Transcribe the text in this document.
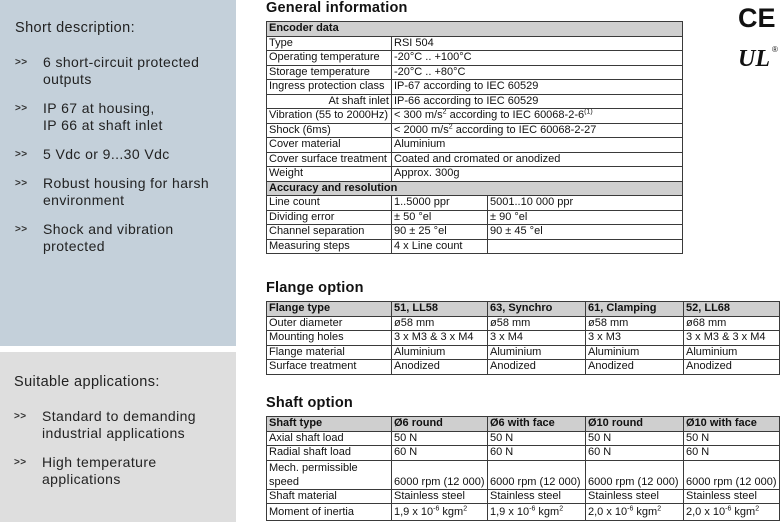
Short description:
>>	6 short-circuit protected
outputs
>>	IP 67 at housing,
IP 66 at shaft inlet
>>	5 Vdc or 9...30 Vdc
>>	Robust housing for harsh
environment
>>	Shock and vibration
protected
Suitable applications:
>>	Standard to demanding
industrial applications
>>	High temperature
applications
CE
UL ®
General information
Encoder data		
Type	RSI 504	
Operating temperature	-20°C .. +100°C	
Storage temperature	-20°C .. +80°C	
Ingress protection class	IP-67 according to IEC 60529	
At shaft inlet	IP-66 according to IEC 60529	
Vibration (55 to 2000Hz)	< 300 $m/s^2$ according to IEC 60068-2-6$^{(1)}$
Shock (6ms)	< 2000 $m/s^2$ according to IEC 60068-2-27	
Cover material	Aluminium	
Cover surface treatment	Coated and cromated or anodized	
Weight	Approx. 300g	
Accuracy and resolution		
Line count	1..5000 ppr	5001..10 000 ppr
Dividing error	± 50 °el	± 90 °el
Channel separation	90 ± 25 °el	90 ± 45 °el
Measuring steps	4 x Line count	
Flange option
Flange type	51, LL58	63, Synchro	61, Clamping	52, LL68
Outer diameter	ø58 mm	ø58 mm	ø58 mm	ø68 mm
Mounting holes	3 x M3 & 3 x M4	3 x M4	3 x M3	3 x M3 & 3 x M4
Flange material	Aluminium	Aluminium	Aluminium	Aluminium
Surface treatment	Anodized	Anodized	Anodized	Anodized
Shaft option
Shaft type	Ø6 round	Ø6 with face	Ø10 round	Ø10 with face
Axial shaft load	50 N	50 N	50 N	50 N
Radial shaft load	60 N	60 N	60 N	60 N
Mech. permissible
speed	6000 rpm (12 000)	6000 rpm (12 000)	6000 rpm (12 000)	6000 rpm (12 000)
Shaft material	Stainless steel	Stainless steel	Stainless steel	Stainless steel
Moment of inertia	1,9 x $10^{-6}$ kgm$^2$	1,9 x $10^{-6}$ kgm$^2$	2,0 x $10^{-6}$ kgm$^2$	2,0 x $10^{-6}$ kgm$^2$
